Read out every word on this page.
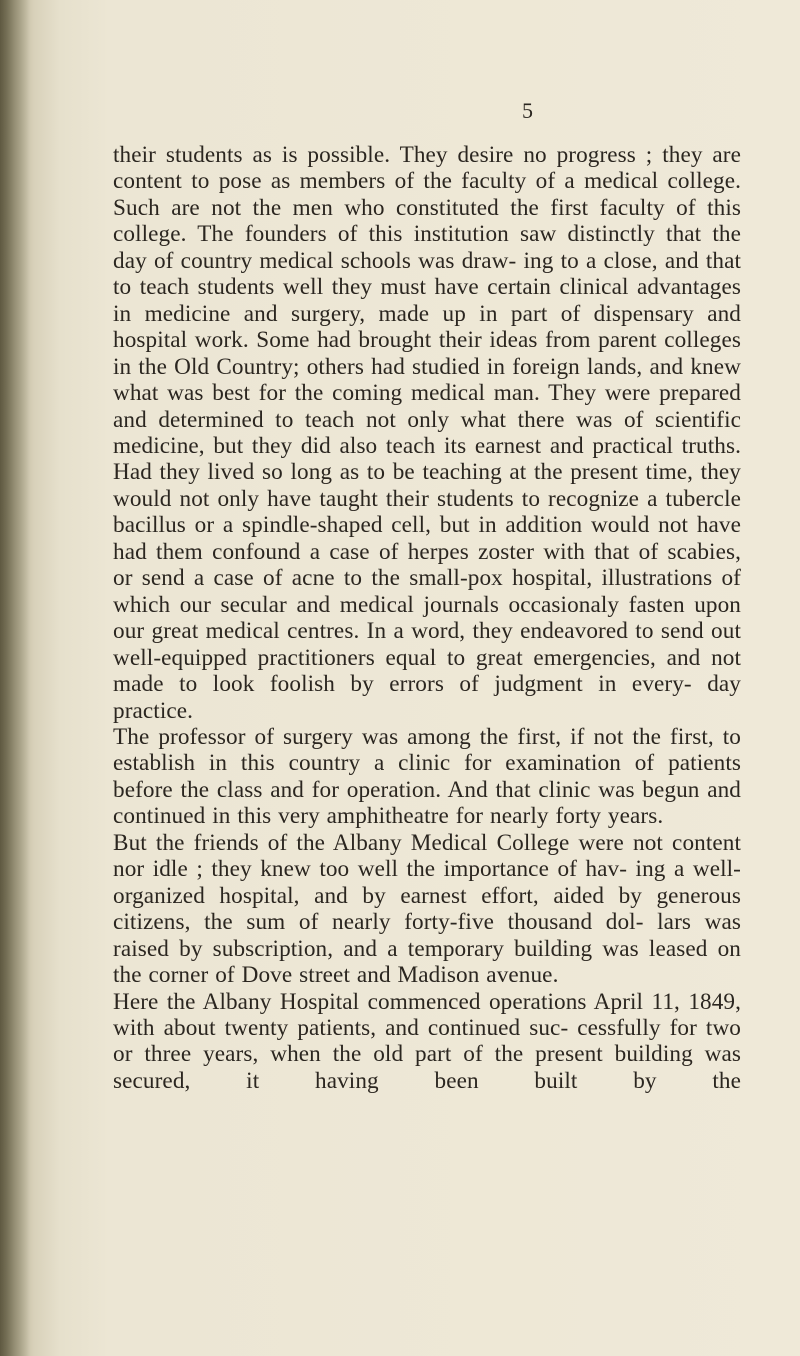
5

their students as is possible. They desire no progress ; they are content to pose as members of the faculty of a medical college. Such are not the men who constituted the first faculty of this college. The founders of this institution saw distinctly that the day of country medical schools was draw- ing to a close, and that to teach students well they must have certain clinical advantages in medicine and surgery, made up in part of dispensary and hospital work. Some had brought their ideas from parent colleges in the Old Country; others had studied in foreign lands, and knew what was best for the coming medical man. They were prepared and determined to teach not only what there was of scientific medicine, but they did also teach its earnest and practical truths. Had they lived so long as to be teaching at the present time, they would not only have taught their students to recognize a tubercle bacillus or a spindle-shaped cell, but in addition would not have had them confound a case of herpes zoster with that of scabies, or send a case of acne to the small-pox hospital, illustrations of which our secular and medical journals occasionaly fasten upon our great medical centres. In a word, they endeavored to send out well-equipped practitioners equal to great emergencies, and not made to look foolish by errors of judgment in every- day practice.

The professor of surgery was among the first, if not the first, to establish in this country a clinic for examination of patients before the class and for operation. And that clinic was begun and continued in this very amphitheatre for nearly forty years.

But the friends of the Albany Medical College were not content nor idle ; they knew too well the importance of hav- ing a well-organized hospital, and by earnest effort, aided by generous citizens, the sum of nearly forty-five thousand dol- lars was raised by subscription, and a temporary building was leased on the corner of Dove street and Madison avenue.

Here the Albany Hospital commenced operations April 11, 1849, with about twenty patients, and continued suc- cessfully for two or three years, when the old part of the present building was secured, it having been built by the
